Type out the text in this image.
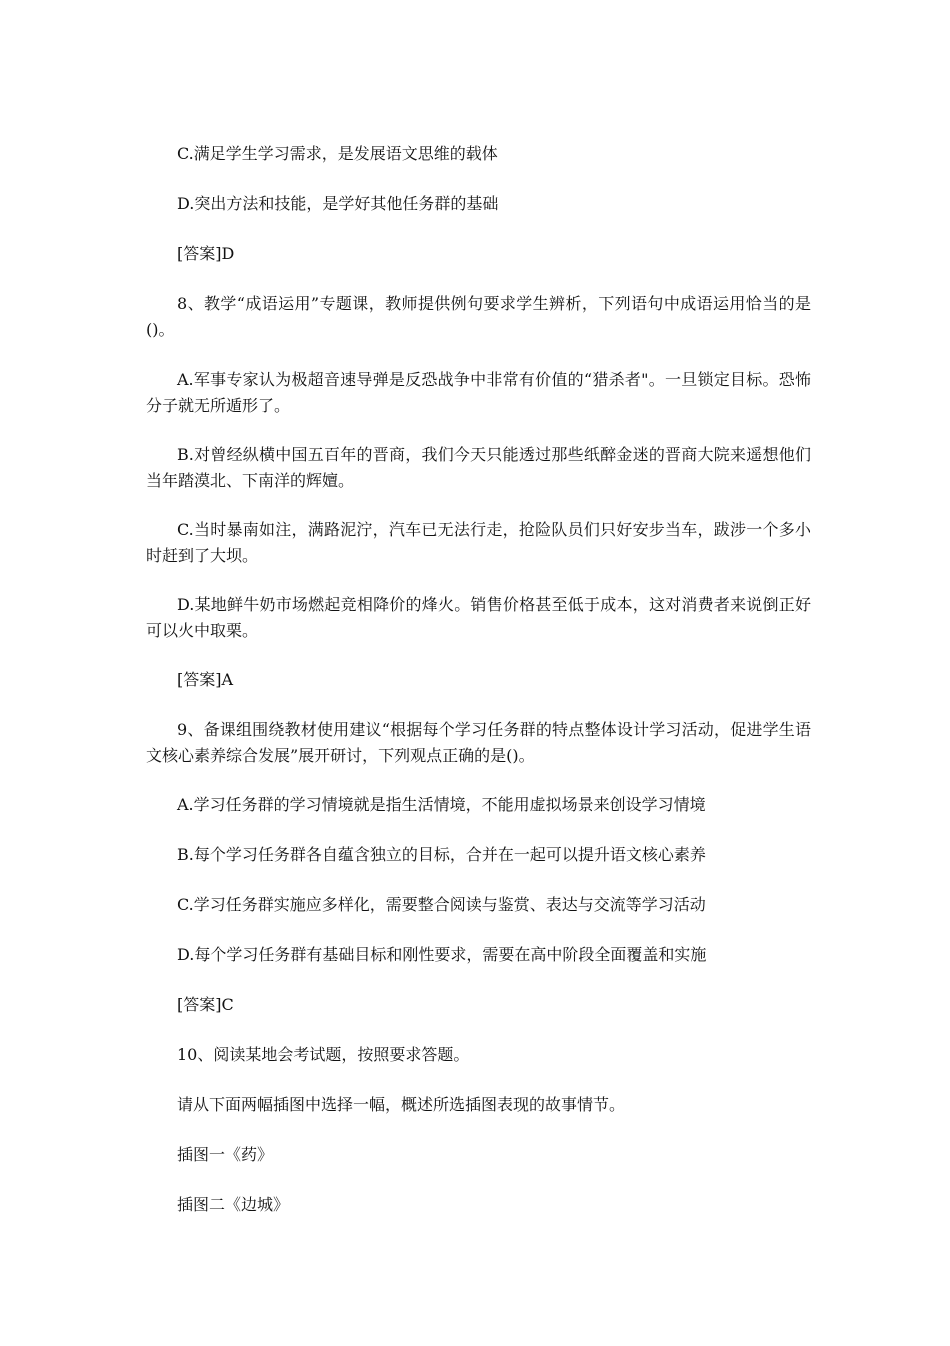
C.满足学生学习需求，是发展语文思维的载体
D.突出方法和技能，是学好其他任务群的基础
[答案]D
8、教学“成语运用”专题课，教师提供例句要求学生辨析，下列语句中成语运用恰当的是()。
A.军事专家认为极超音速导弹是反恐战争中非常有价值的“猎杀者"。一旦锁定目标。恐怖分子就无所遁形了。
B.对曾经纵横中国五百年的晋商，我们今天只能透过那些纸醉金迷的晋商大院来遥想他们当年踏漠北、下南洋的辉嬗。
C.当时暴南如注，满路泥泞，汽车已无法行走，抢险队员们只好安步当车，跋涉一个多小时赶到了大坝。
D.某地鲜牛奶市场燃起竞相降价的烽火。销售价格甚至低于成本，这对消费者来说倒正好可以火中取栗。
[答案]A
9、备课组围绕教材使用建议“根据每个学习任务群的特点整体设计学习活动，促进学生语文核心素养综合发展”展开研讨，下列观点正确的是()。
A.学习任务群的学习情境就是指生活情境，不能用虚拟场景来创设学习情境
B.每个学习任务群各自蕴含独立的目标，合并在一起可以提升语文核心素养
C.学习任务群实施应多样化，需要整合阅读与鉴赏、表达与交流等学习活动
D.每个学习任务群有基础目标和刚性要求，需要在高中阶段全面覆盖和实施
[答案]C
10、阅读某地会考试题，按照要求答题。
请从下面两幅插图中选择一幅，概述所选插图表现的故事情节。
插图一《药》
插图二《边城》
